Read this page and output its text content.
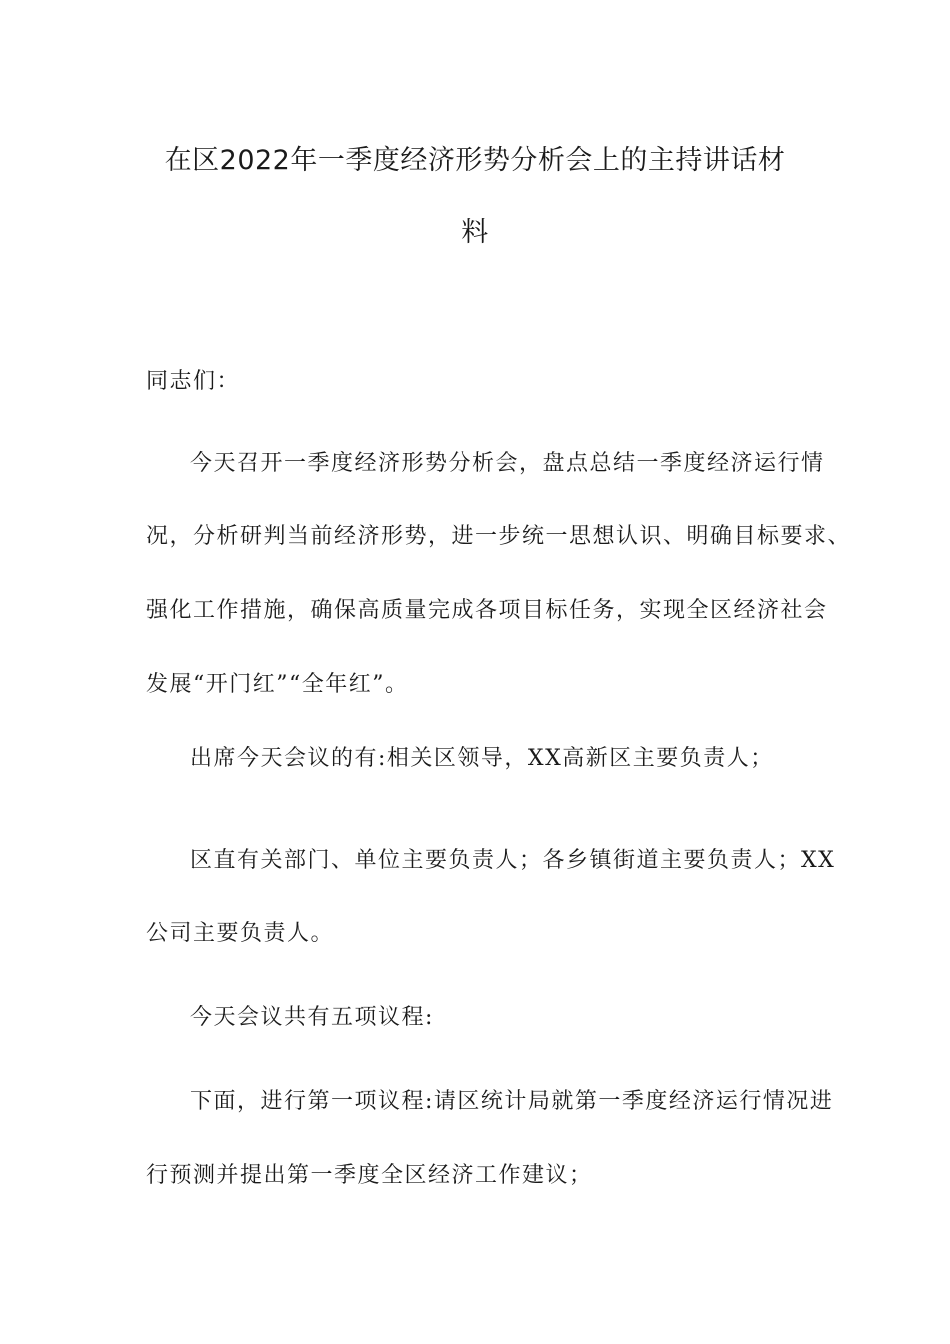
在区2022年一季度经济形势分析会上的主持讲话材
料

同志们：

今天召开一季度经济形势分析会，盘点总结一季度经济运行情

况，分析研判当前经济形势，进一步统一思想认识、明确目标要求、

强化工作措施，确保高质量完成各项目标任务，实现全区经济社会

发展“开门红”“全年红”。

出席今天会议的有:相关区领导，XX高新区主要负责人；

区直有关部门、单位主要负责人；各乡镇街道主要负责人；XX

公司主要负责人。

今天会议共有五项议程:

下面，进行第一项议程:请区统计局就第一季度经济运行情况进

行预测并提出第一季度全区经济工作建议；
